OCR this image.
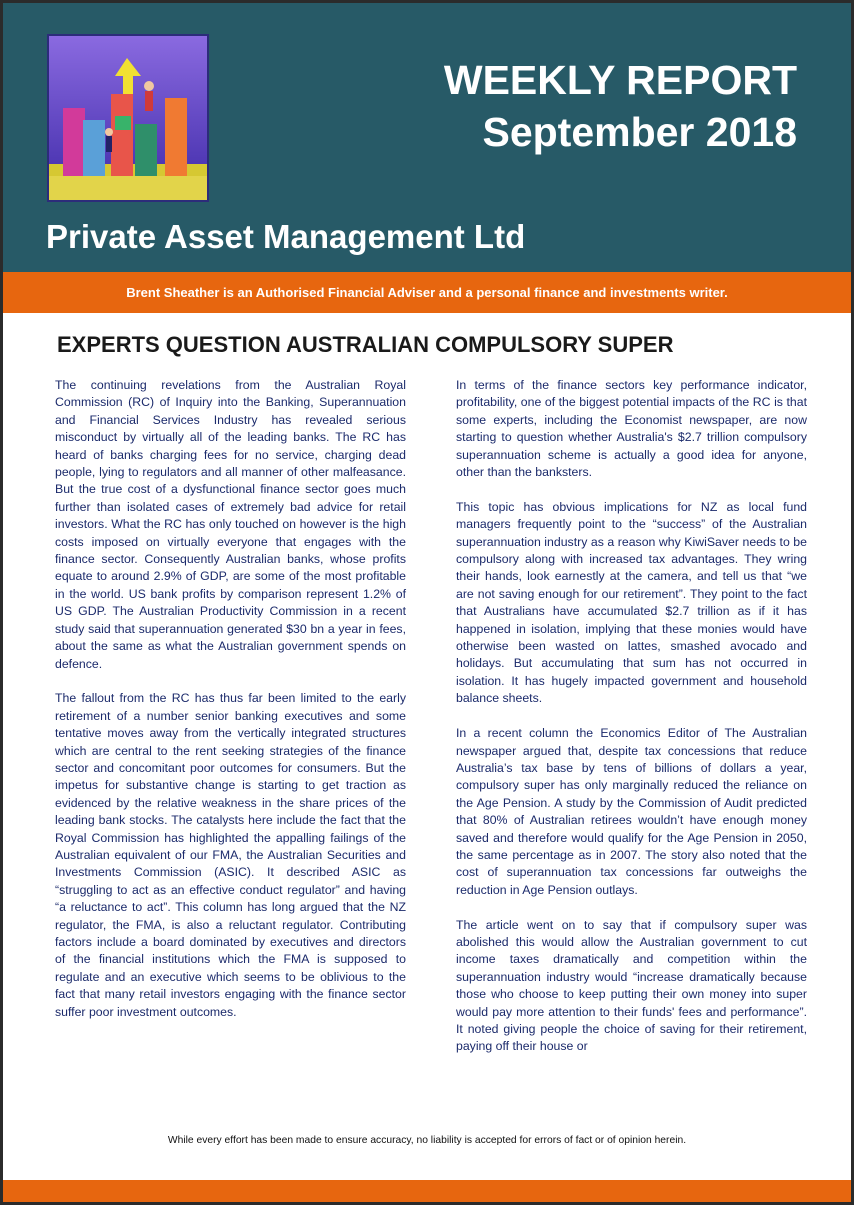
WEEKLY REPORT
September 2018
Private Asset Management Ltd
Brent Sheather is an Authorised Financial Adviser and a personal finance and investments writer.
EXPERTS QUESTION AUSTRALIAN COMPULSORY SUPER

The continuing revelations from the Australian Royal Commission (RC) of Inquiry into the Banking, Superannuation and Financial Services Industry has revealed serious misconduct by virtually all of the leading banks. The RC has heard of banks charging fees for no service, charging dead people, lying to regulators and all manner of other malfeasance. But the true cost of a dysfunctional finance sector goes much further than isolated cases of extremely bad advice for retail investors. What the RC has only touched on however is the high costs imposed on virtually everyone that engages with the finance sector. Consequently Australian banks, whose profits equate to around 2.9% of GDP, are some of the most profitable in the world. US bank profits by comparison represent 1.2% of US GDP. The Australian Productivity Commission in a recent study said that superannuation generated $30 bn a year in fees, about the same as what the Australian government spends on defence.

The fallout from the RC has thus far been limited to the early retirement of a number senior banking executives and some tentative moves away from the vertically integrated structures which are central to the rent seeking strategies of the finance sector and concomitant poor outcomes for consumers. But the impetus for substantive change is starting to get traction as evidenced by the relative weakness in the share prices of the leading bank stocks. The catalysts here include the fact that the Royal Commission has highlighted the appalling failings of the Australian equivalent of our FMA, the Australian Securities and Investments Commission (ASIC). It described ASIC as “struggling to act as an effective conduct regulator” and having “a reluctance to act”. This column has long argued that the NZ regulator, the FMA, is also a reluctant regulator. Contributing factors include a board dominated by executives and directors of the financial institutions which the FMA is supposed to regulate and an executive which seems to be oblivious to the fact that many retail investors engaging with the finance sector suffer poor investment outcomes.

In terms of the finance sectors key performance indicator, profitability, one of the biggest potential impacts of the RC is that some experts, including the Economist newspaper, are now starting to question whether Australia's $2.7 trillion compulsory superannuation scheme is actually a good idea for anyone, other than the banksters.

This topic has obvious implications for NZ as local fund managers frequently point to the “success” of the Australian superannuation industry as a reason why KiwiSaver needs to be compulsory along with increased tax advantages. They wring their hands, look earnestly at the camera, and tell us that “we are not saving enough for our retirement”. They point to the fact that Australians have accumulated $2.7 trillion as if it has happened in isolation, implying that these monies would have otherwise been wasted on lattes, smashed avocado and holidays. But accumulating that sum has not occurred in isolation. It has hugely impacted government and household balance sheets.

In a recent column the Economics Editor of The Australian newspaper argued that, despite tax concessions that reduce Australia’s tax base by tens of billions of dollars a year, compulsory super has only marginally reduced the reliance on the Age Pension. A study by the Commission of Audit predicted that 80% of Australian retirees wouldn’t have enough money saved and therefore would qualify for the Age Pension in 2050, the same percentage as in 2007. The story also noted that the cost of superannuation tax concessions far outweighs the reduction in Age Pension outlays.

The article went on to say that if compulsory super was abolished this would allow the Australian government to cut income taxes dramatically and competition within the superannuation industry would “increase dramatically because those who choose to keep putting their own money into super would pay more attention to their funds' fees and performance”. It noted giving people the choice of saving for their retirement, paying off their house or

While every effort has been made to ensure accuracy, no liability is accepted for errors of fact or of opinion herein.
